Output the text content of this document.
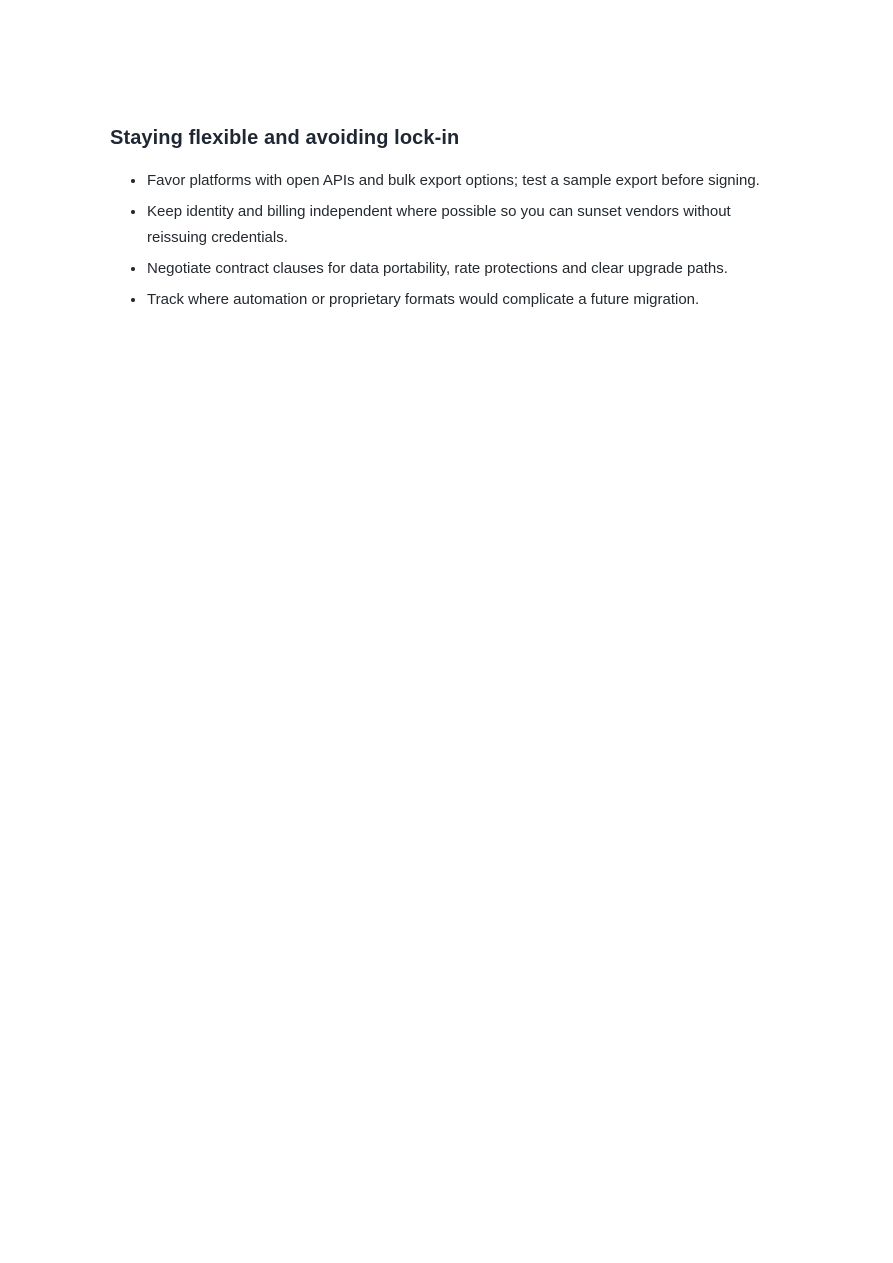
Staying flexible and avoiding lock-in
• Favor platforms with open APIs and bulk export options; test a sample export before signing.
• Keep identity and billing independent where possible so you can sunset vendors without reissuing credentials.
• Negotiate contract clauses for data portability, rate protections and clear upgrade paths.
• Track where automation or proprietary formats would complicate a future migration.
